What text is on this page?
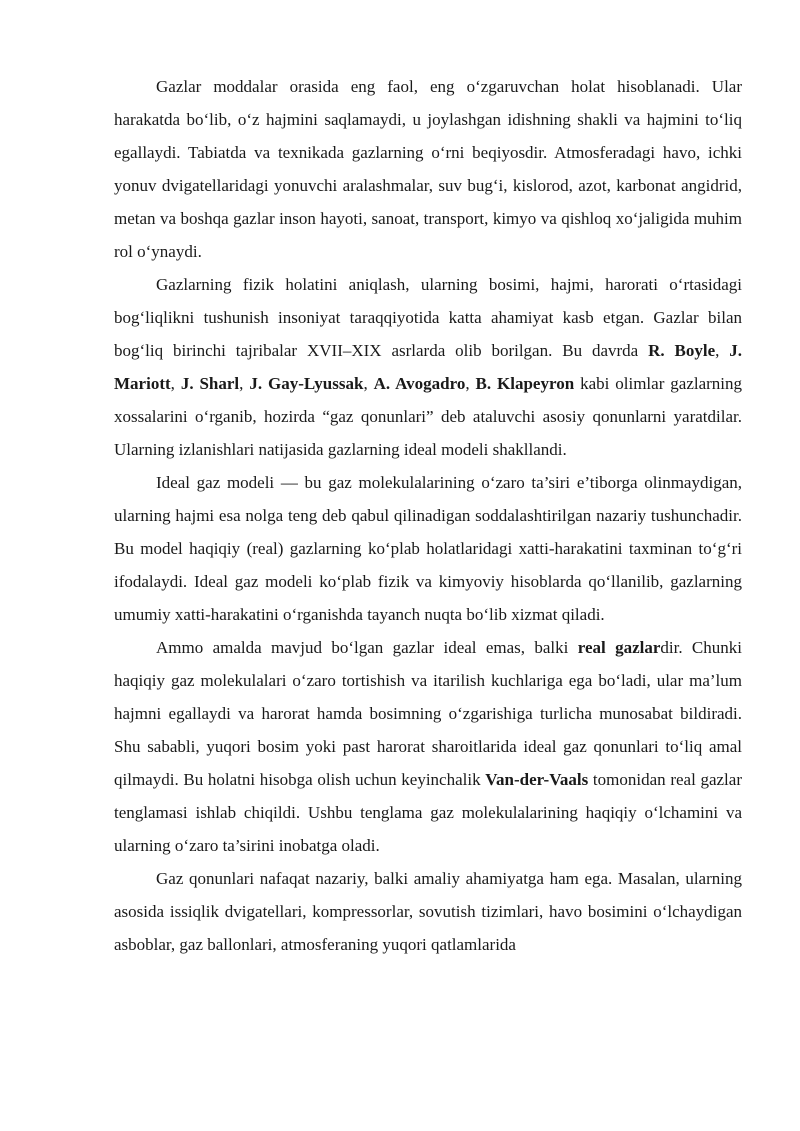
Gazlar moddalar orasida eng faol, eng o‘zgaruvchan holat hisoblanadi. Ular harakatda bo‘lib, o‘z hajmini saqlamaydi, u joylashgan idishning shakli va hajmini to‘liq egallaydi. Tabiatda va texnikada gazlarning o‘rni beqiyosdir. Atmosferadagi havo, ichki yonuv dvigatellaridagi yonuvchi aralashmalar, suv bug‘i, kislorod, azot, karbonat angidrid, metan va boshqa gazlar inson hayoti, sanoat, transport, kimyo va qishloq xo‘jaligida muhim rol o‘ynaydi.

Gazlarning fizik holatini aniqlash, ularning bosimi, hajmi, harorati o‘rtasidagi bog‘liqlikni tushunish insoniyat taraqqiyotida katta ahamiyat kasb etgan. Gazlar bilan bog‘liq birinchi tajribalar XVII–XIX asrlarda olib borilgan. Bu davrda R. Boyle, J. Mariott, J. Sharl, J. Gay-Lyussak, A. Avogadro, B. Klapeyron kabi olimlar gazlarning xossalarini o‘rganib, hozirda “gaz qonunlari” deb ataluvchi asosiy qonunlarni yaratdilar. Ularning izlanishlari natijasida gazlarning ideal modeli shakllandi.

Ideal gaz modeli — bu gaz molekulalarining o‘zaro ta’siri e’tiborga olinmaydigan, ularning hajmi esa nolga teng deb qabul qilinadigan soddalashtirilgan nazariy tushunchadir. Bu model haqiqiy (real) gazlarning ko‘plab holatlaridagi xatti-harakatini taxminan to‘g‘ri ifodalaydi. Ideal gaz modeli ko‘plab fizik va kimyoviy hisoblarda qo‘llanilib, gazlarning umumiy xatti-harakatini o‘rganishda tayanch nuqta bo‘lib xizmat qiladi.

Ammo amalda mavjud bo‘lgan gazlar ideal emas, balki real gazlardir. Chunki haqiqiy gaz molekulalari o‘zaro tortishish va itarilish kuchlariga ega bo‘ladi, ular ma’lum hajmni egallaydi va harorat hamda bosimning o‘zgarishiga turlicha munosabat bildiradi. Shu sababli, yuqori bosim yoki past harorat sharoitlarida ideal gaz qonunlari to‘liq amal qilmaydi. Bu holatni hisobga olish uchun keyinchalik Van-der-Vaals tomonidan real gazlar tenglamasi ishlab chiqildi. Ushbu tenglama gaz molekulalarining haqiqiy o‘lchamini va ularning o‘zaro ta’sirini inobatga oladi.

Gaz qonunlari nafaqat nazariy, balki amaliy ahamiyatga ham ega. Masalan, ularning asosida issiqlik dvigatellari, kompressorlar, sovutish tizimlari, havo bosimini o‘lchaydigan asboblar, gaz ballonlari, atmosferaning yuqori qatlamlarida
